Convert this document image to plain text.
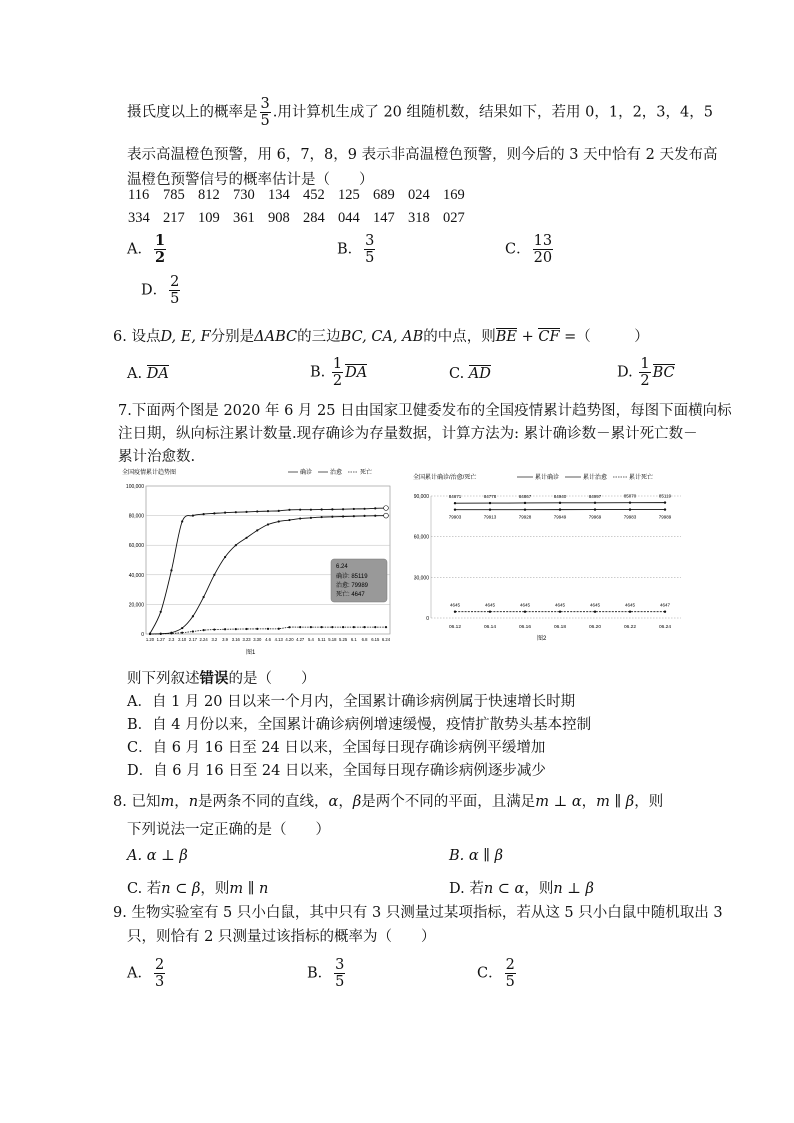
摄氏度以上的概率是 $\frac{3}{5}$ .用计算机生成了 20 组随机数，结果如下，若用 0，1，2，3，4，5
表示高温橙色预警，用 6，7，8，9 表示非高温橙色预警，则今后的 3 天中恰有 2 天发布高
温橙色预警信号的概率估计是（　　）
116 785 812 730 134 452 125 689 024 169
334 217 109 361 908 284 044 147 318 027
A． $\frac{1}{2}$	B． $\frac{3}{5}$	C． $\frac{13}{20}$
D． $\frac{2}{5}$
6. 设点D, E, F分别是ΔABC的三边BC, CA, AB的中点，则BE + CF =（　　　）
A. DA	B. $\frac{1}{2}$ DA	C. AD	D. $\frac{1}{2}$ BC
7.下面两个图是 2020 年 6 月 25 日由国家卫健委发布的全国疫情累计趋势图，每图下面横向标
注日期，纵向标注累计数量.现存确诊为存量数据，计算方法为: 累计确诊数－累计死亡数－
累计治愈数.
全国疫情累计趋势图	确诊	治愈	死亡
100,000
80,000
60,000
40,000
20,000
0
1.20 1.27 2.3 2.10 2.17 2.24 3.2 3.9 3.16 3.23 3.30 4.6 4.13 4.20 4.27 5.4 5.11 5.18 5.25 6.1 6.8 6.15 6.24
6.24
确诊: 85119
治愈: 79989
死亡: 4647
图1
全国累计确诊/治愈/死亡	累计确诊	累计治愈	累计死亡
90,000
60,000
30,000
0
06.12	06.14	06.16	06.18	06.20	06.22	06.24
84671	84778	84867	84940	84997	85070	85119
79903	79913	79928	79949	79969	79983	79989
4645	4645	4645	4645	4645	4645	4647
图2
则下列叙述错误的是（　　）
A．自 1 月 20 日以来一个月内，全国累计确诊病例属于快速增长时期
B．自 4 月份以来，全国累计确诊病例增速缓慢，疫情扩散势头基本控制
C．自 6 月 16 日至 24 日以来，全国每日现存确诊病例平缓增加
D．自 6 月 16 日至 24 日以来，全国每日现存确诊病例逐步减少
8. 已知m，n是两条不同的直线，α，β是两个不同的平面，且满足m ⊥ α，m ∥ β，则
下列说法一定正确的是（　　）
A. α ⊥ β	B. α ∥ β
C. 若n ⊂ β，则m ∥ n	D. 若n ⊂ α，则n ⊥ β
9. 生物实验室有 5 只小白鼠，其中只有 3 只测量过某项指标，若从这 5 只小白鼠中随机取出 3
只，则恰有 2 只测量过该指标的概率为（　　）
A． $\frac{2}{3}$	B． $\frac{3}{5}$	C． $\frac{2}{5}$
